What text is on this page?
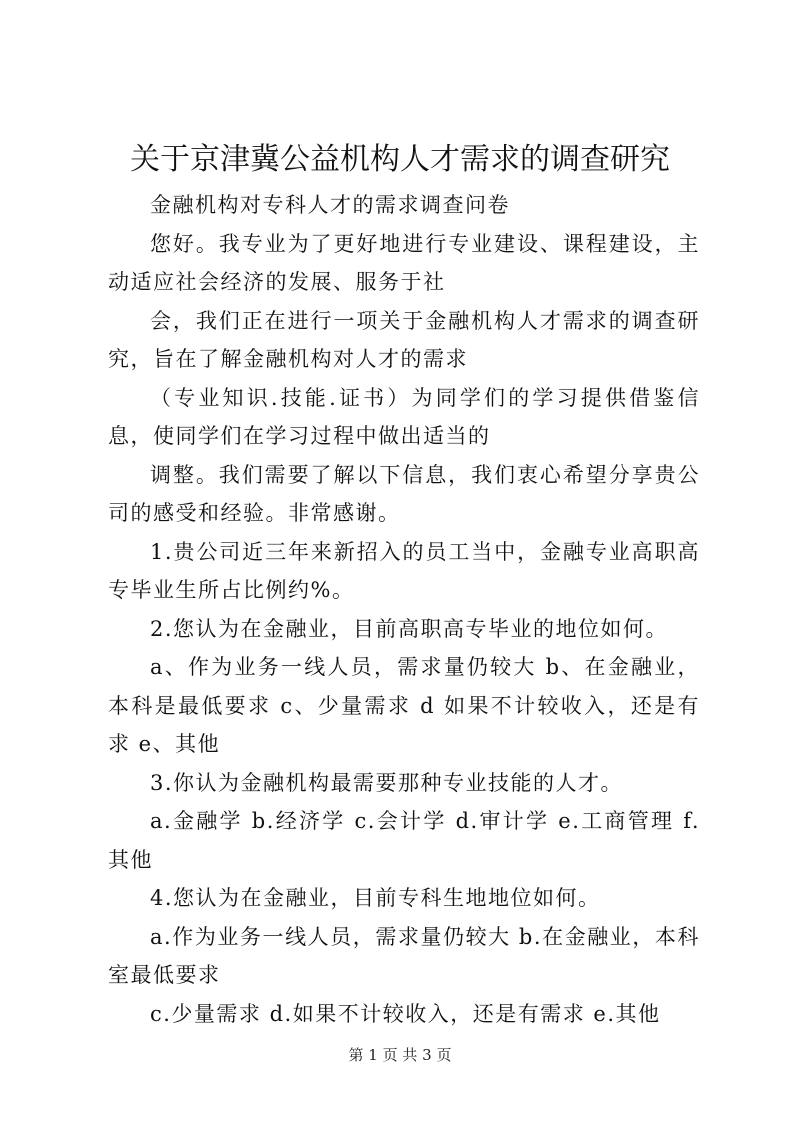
关于京津冀公益机构人才需求的调查研究

金融机构对专科人才的需求调查问卷

您好。我专业为了更好地进行专业建设、课程建设，主动适应社会经济的发展、服务于社

会，我们正在进行一项关于金融机构人才需求的调查研究，旨在了解金融机构对人才的需求

（专业知识.技能.证书）为同学们的学习提供借鉴信息，使同学们在学习过程中做出适当的

调整。我们需要了解以下信息，我们衷心希望分享贵公司的感受和经验。非常感谢。

1.贵公司近三年来新招入的员工当中，金融专业高职高专毕业生所占比例约%。

2.您认为在金融业，目前高职高专毕业的地位如何。

a、作为业务一线人员，需求量仍较大 b、在金融业，本科是最低要求 c、少量需求 d 如果不计较收入，还是有求 e、其他

3.你认为金融机构最需要那种专业技能的人才。

a.金融学 b.经济学 c.会计学 d.审计学 e.工商管理 f.其他

4.您认为在金融业，目前专科生地地位如何。

a.作为业务一线人员，需求量仍较大 b.在金融业，本科室最低要求

c.少量需求 d.如果不计较收入，还是有需求 e.其他

第 1 页 共 3 页
